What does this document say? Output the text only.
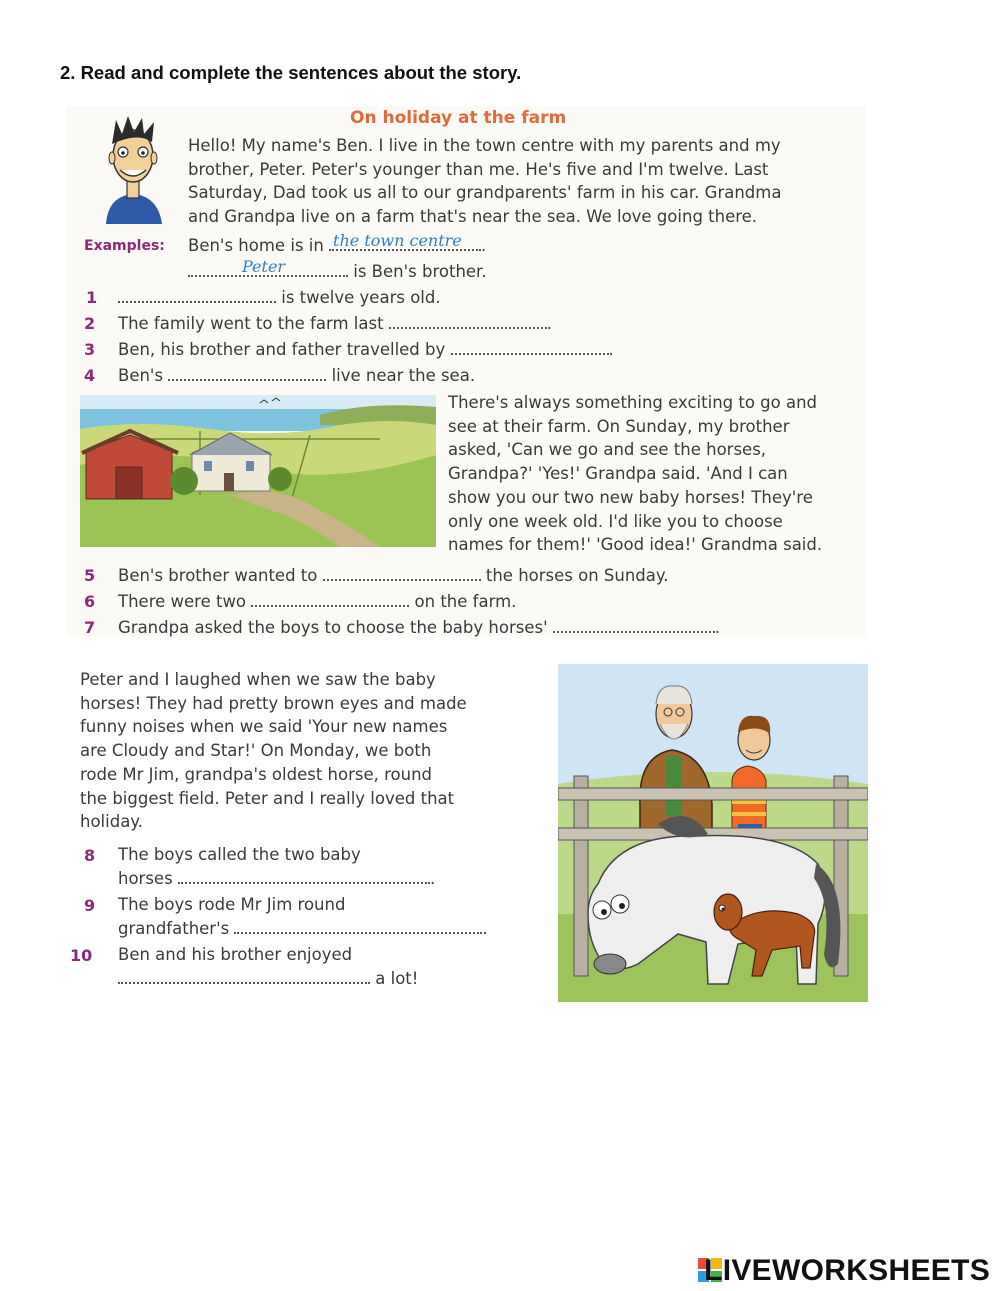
2. Read and complete the sentences about the story.
On holiday at the farm
Hello! My name's Ben. I live in the town centre with my parents and my
brother, Peter. Peter's younger than me. He's five and I'm twelve. Last
Saturday, Dad took us all to our grandparents' farm in his car. Grandma
and Grandpa live on a farm that's near the sea. We love going there.
Examples: Ben's home is in the town centre .
Peter	is Ben's brother.
1	is twelve years old.
2 The family went to the farm last	.
3 Ben, his brother and father travelled by	.
4 Ben's	live near the sea.
There's always something exciting to go and
see at their farm. On Sunday, my brother
asked, 'Can we go and see the horses,
Grandpa?' 'Yes!' Grandpa said. 'And I can
show you our two new baby horses! They're
only one week old. I'd like you to choose
names for them!' 'Good idea!' Grandma said.
5 Ben's brother wanted to	the horses on Sunday.
6 There were two	on the farm.
7 Grandpa asked the boys to choose the baby horses'	.
Peter and I laughed when we saw the baby
horses! They had pretty brown eyes and made
funny noises when we said 'Your new names
are Cloudy and Star!' On Monday, we both
rode Mr Jim, grandpa's oldest horse, round
the biggest field. Peter and I really loved that
holiday.
8 The boys called the two baby
horses	.
9 The boys rode Mr Jim round
grandfather's	.
10 Ben and his brother enjoyed
a lot!
LIVEWORKSHEETS
